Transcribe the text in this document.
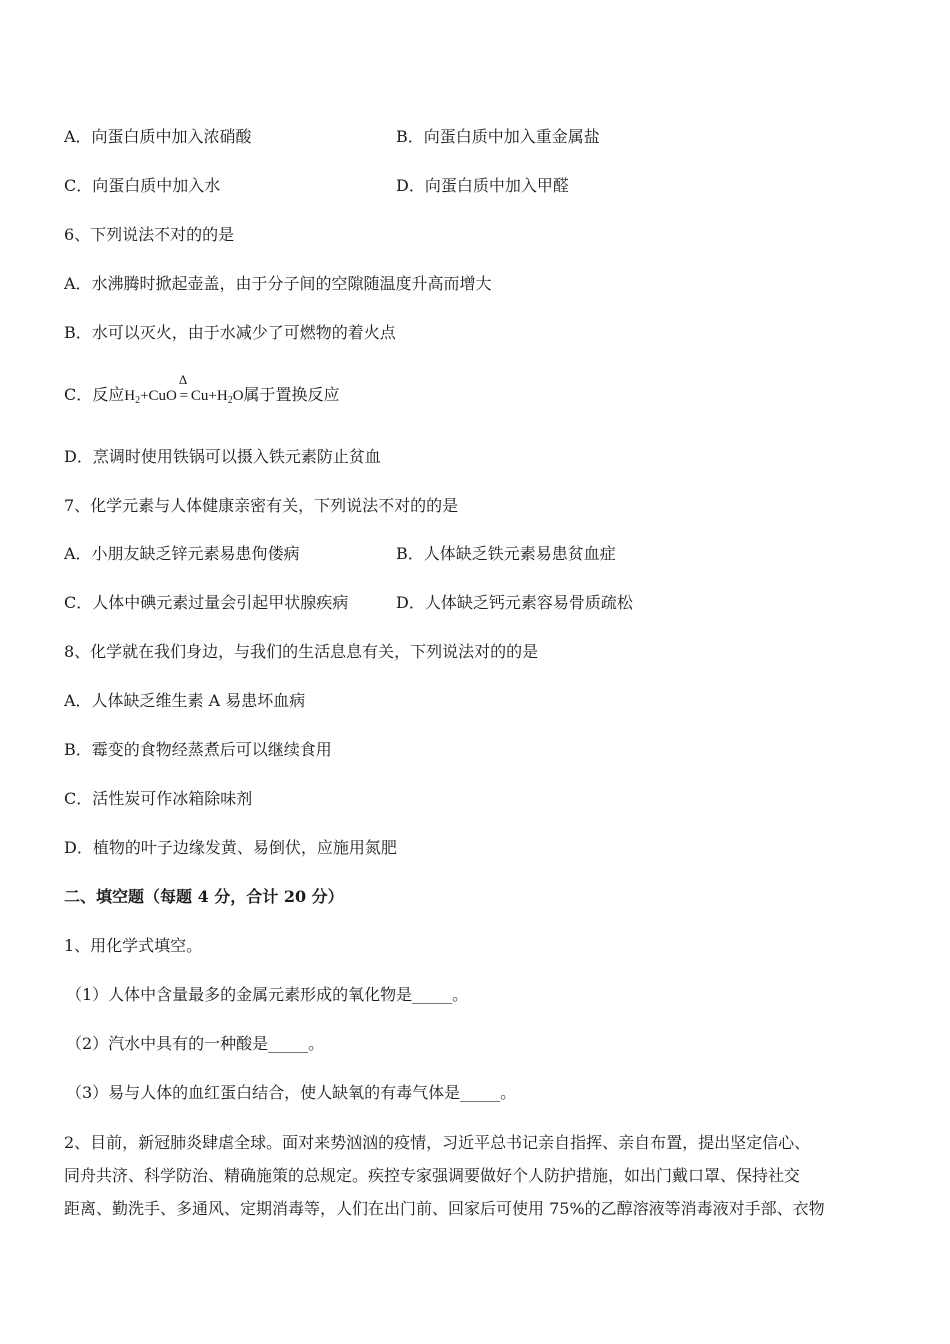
A．向蛋白质中加入浓硝酸	B．向蛋白质中加入重金属盐
C．向蛋白质中加入水	D．向蛋白质中加入甲醛
6、下列说法不对的的是
A．水沸腾时掀起壶盖，由于分子间的空隙随温度升高而增大
B．水可以灭火，由于水减少了可燃物的着火点
C．反应$H_2+CuO$
Δ
= $Cu+H_2O$属于置换反应
D．烹调时使用铁锅可以摄入铁元素防止贫血
7、化学元素与人体健康亲密有关，下列说法不对的的是
A．小朋友缺乏锌元素易患佝偻病	B．人体缺乏铁元素易患贫血症
C．人体中碘元素过量会引起甲状腺疾病	D．人体缺乏钙元素容易骨质疏松
8、化学就在我们身边，与我们的生活息息有关，下列说法对的的是
A．人体缺乏维生素 A 易患坏血病
B．霉变的食物经蒸煮后可以继续食用
C．活性炭可作冰箱除味剂
D．植物的叶子边缘发黄、易倒伏，应施用氮肥
二、填空题（每题 4 分，合计 20 分）
1、用化学式填空。
（1）人体中含量最多的金属元素形成的氧化物是_____。
（2）汽水中具有的一种酸是_____。
（3）易与人体的血红蛋白结合，使人缺氧的有毒气体是_____。
2、目前，新冠肺炎肆虐全球。面对来势汹汹的疫情，习近平总书记亲自指挥、亲自布置，提出坚定信心、
同舟共济、科学防治、精确施策的总规定。疾控专家强调要做好个人防护措施，如出门戴口罩、保持社交
距离、勤洗手、多通风、定期消毒等，人们在出门前、回家后可使用 75%的乙醇溶液等消毒液对手部、衣物
